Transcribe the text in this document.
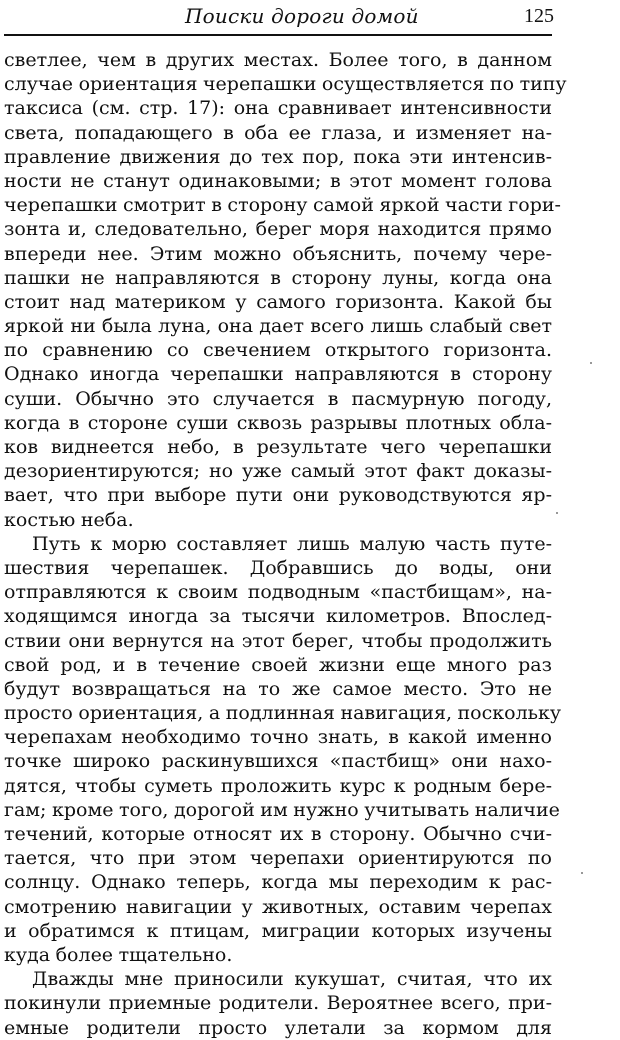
Поиски дороги домой	125
светлее, чем в других местах. Более того, в данном
случае ориентация черепашки осуществляется по типу
таксиса (см. стр. 17): она сравнивает интенсивности
света, попадающего в оба ее глаза, и изменяет на-
правление движения до тех пор, пока эти интенсив-
ности не станут одинаковыми; в этот момент голова
черепашки смотрит в сторону самой яркой части гори-
зонта и, следовательно, берег моря находится прямо
впереди нее. Этим можно объяснить, почему чере-
пашки не направляются в сторону луны, когда она
стоит над материком у самого горизонта. Какой бы
яркой ни была луна, она дает всего лишь слабый свет
по сравнению со свечением открытого горизонта.
Однако иногда черепашки направляются в сторону
суши. Обычно это случается в пасмурную погоду,
когда в стороне суши сквозь разрывы плотных обла-
ков виднеется небо, в результате чего черепашки
дезориентируются; но уже самый этот факт доказы-
вает, что при выборе пути они руководствуются яр-
костью неба.
Путь к морю составляет лишь малую часть путе-
шествия черепашек. Добравшись до воды, они
отправляются к своим подводным «пастбищам», на-
ходящимся иногда за тысячи километров. Впослед-
ствии они вернутся на этот берег, чтобы продолжить
свой род, и в течение своей жизни еще много раз
будут возвращаться на то же самое место. Это не
просто ориентация, а подлинная навигация, поскольку
черепахам необходимо точно знать, в какой именно
точке широко раскинувшихся «пастбищ» они нахо-
дятся, чтобы суметь проложить курс к родным бере-
гам; кроме того, дорогой им нужно учитывать наличие
течений, которые относят их в сторону. Обычно счи-
тается, что при этом черепахи ориентируются по
солнцу. Однако теперь, когда мы переходим к рас-
смотрению навигации у животных, оставим черепах
и обратимся к птицам, миграции которых изучены
куда более тщательно.
Дважды мне приносили кукушат, считая, что их
покинули приемные родители. Вероятнее всего, при-
емные родители просто улетали за кормом для
